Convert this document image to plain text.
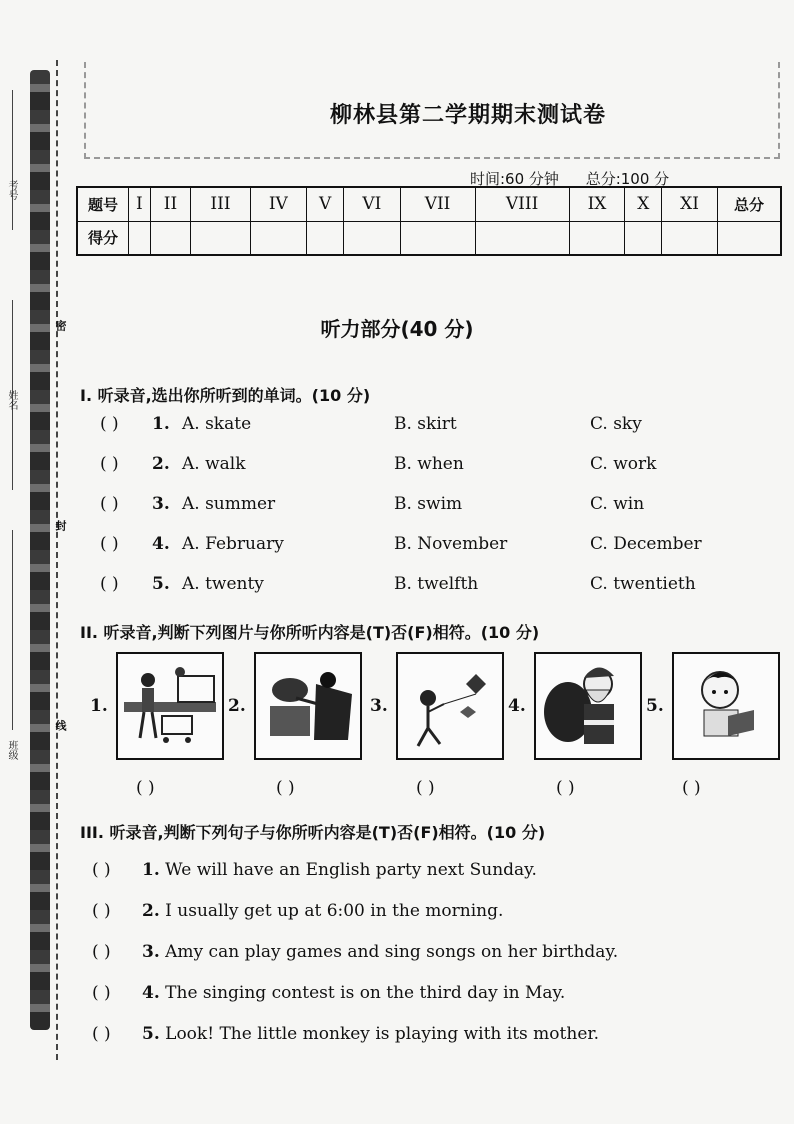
考号
姓名
班级
密
封
线
柳林县第二学期期末测试卷
时间:60 分钟 总分:100 分
题号	I	II	III	IV	V	VI	VII	VIII	IX	X	XI	总分
得分												
听力部分(40 分)
I. 听录音,选出你所听到的单词。(10 分)
( ) 1. A. skate	B. skirt	C. sky
( ) 2. A. walk	B. when	C. work
( ) 3. A. summer	B. swim	C. win
( ) 4. A. February	B. November	C. December
( ) 5. A. twenty	B. twelfth	C. twentieth
II. 听录音,判断下列图片与你所听内容是(T)否(F)相符。(10 分)
1.	2.	3.	4.	5.
( )	( )	( )	( )	( )
III. 听录音,判断下列句子与你所听内容是(T)否(F)相符。(10 分)
( ) 1. We will have an English party next Sunday.
( ) 2. I usually get up at 6:00 in the morning.
( ) 3. Amy can play games and sing songs on her birthday.
( ) 4. The singing contest is on the third day in May.
( ) 5. Look! The little monkey is playing with its mother.
